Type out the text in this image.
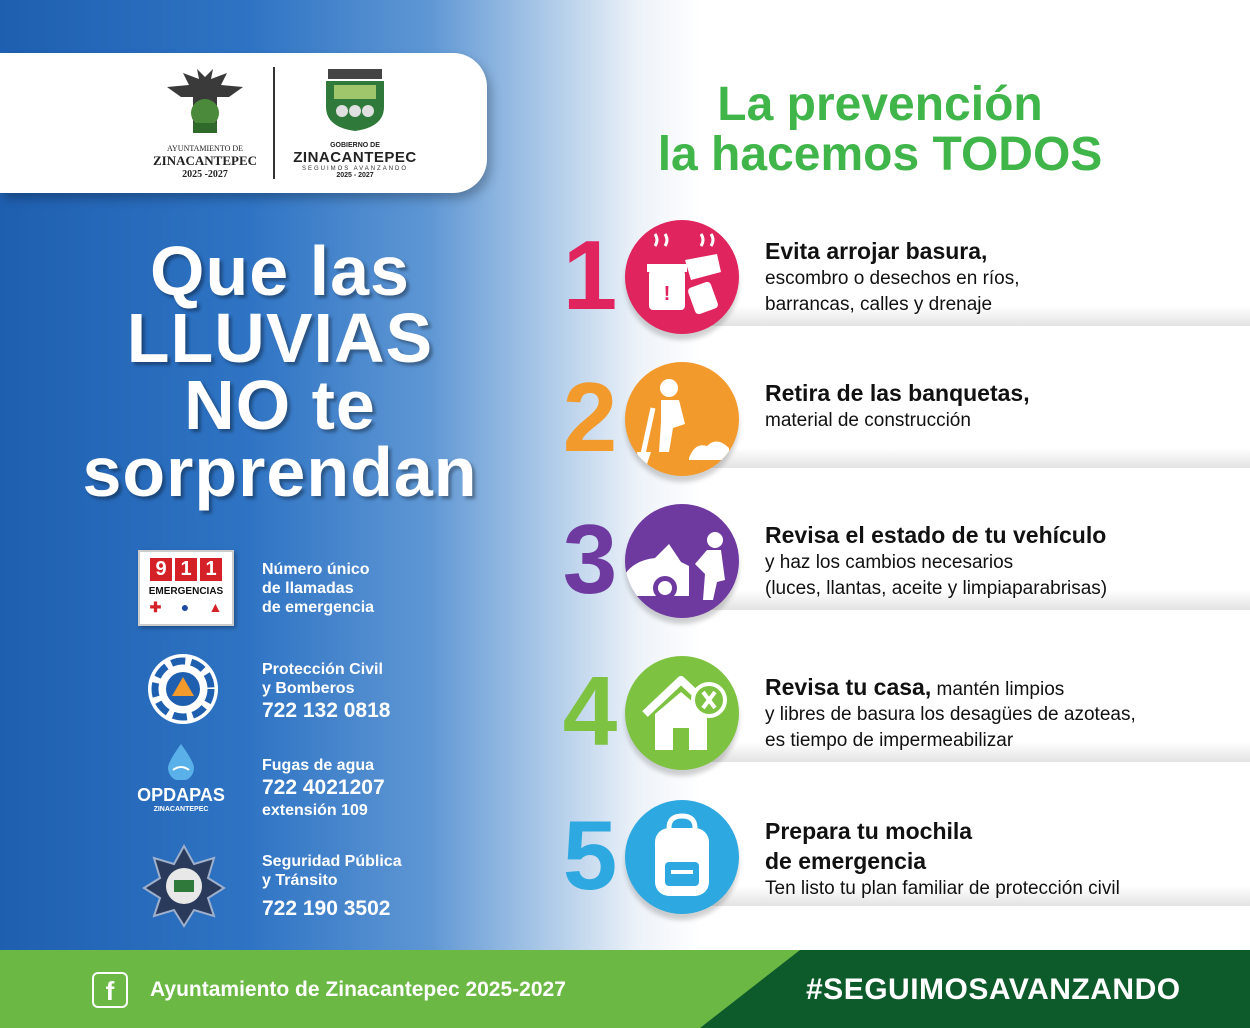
AYUNTAMIENTO DE
ZINACANTEPEC
2025 -2027
GOBIERNO DE
ZINACANTEPEC
SEGUIMOS AVANZANDO
2025 - 2027
Que las
LLUVIAS
NO te
sorprendan
9 1 1
EMERGENCIAS
✚ ● ▲
Número único
de llamadas
de emergencia
Protección Civil
y Bomberos
722 132 0818
OPDAPAS
ZINACANTEPEC
Fugas de agua
722 4021207
extensión 109
Seguridad Pública
y Tránsito
722 190 3502
La prevención
la hacemos TODOS
1	!
Evita arrojar basura,
escombro o desechos en ríos,
barrancas, calles y drenaje
2	Retira de las banquetas,
material de construcción
3	Revisa el estado de tu vehículo
y haz los cambios necesarios
(luces, llantas, aceite y limpiaparabrisas)
4	Revisa tu casa, mantén limpios
y libres de basura los desagües de azoteas,
es tiempo de impermeabilizar
5	Prepara tu mochila
de emergencia
Ten listo tu plan familiar de protección civil
f	Ayuntamiento de Zinacantepec 2025-2027	#SEGUIMOSAVANZANDO
